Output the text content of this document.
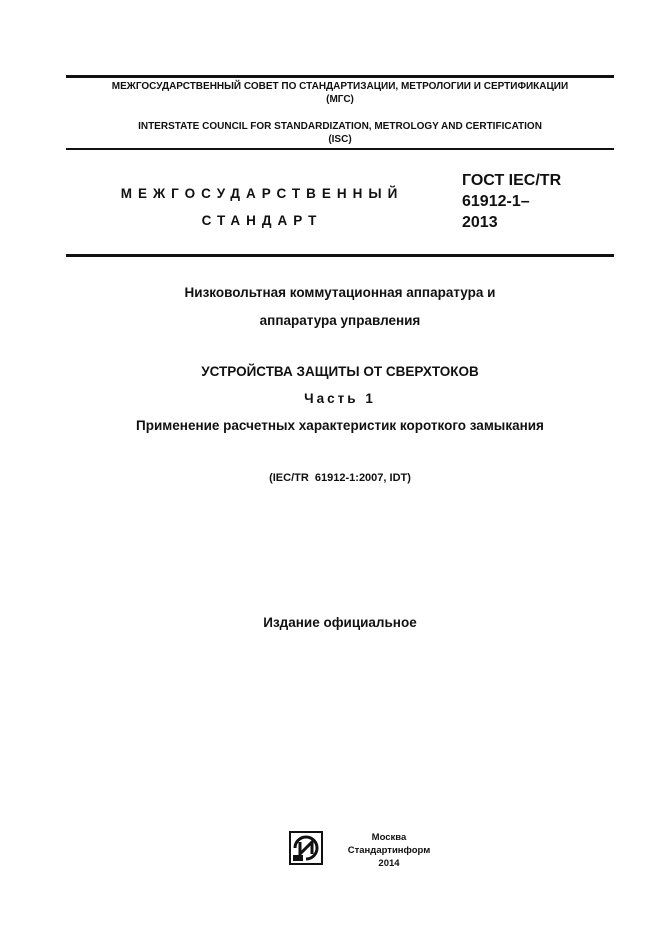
МЕЖГОСУДАРСТВЕННЫЙ СОВЕТ ПО СТАНДАРТИЗАЦИИ, МЕТРОЛОГИИ И СЕРТИФИКАЦИИ
(МГС)
INTERSTATE COUNCIL FOR STANDARDIZATION, METROLOGY AND CERTIFICATION
(ISC)
МЕЖГОСУДАРСТВЕННЫЙ
СТАНДАРТ
ГОСТ IEC/TR
61912-1–
2013
Низковольтная коммутационная аппаратура и
аппаратура управления
УСТРОЙСТВА ЗАЩИТЫ ОТ СВЕРХТОКОВ
Часть 1
Применение расчетных характеристик короткого замыкания
(IEC/TR  61912-1:2007, IDT)
Издание официальное
Москва
Стандартинформ
2014
